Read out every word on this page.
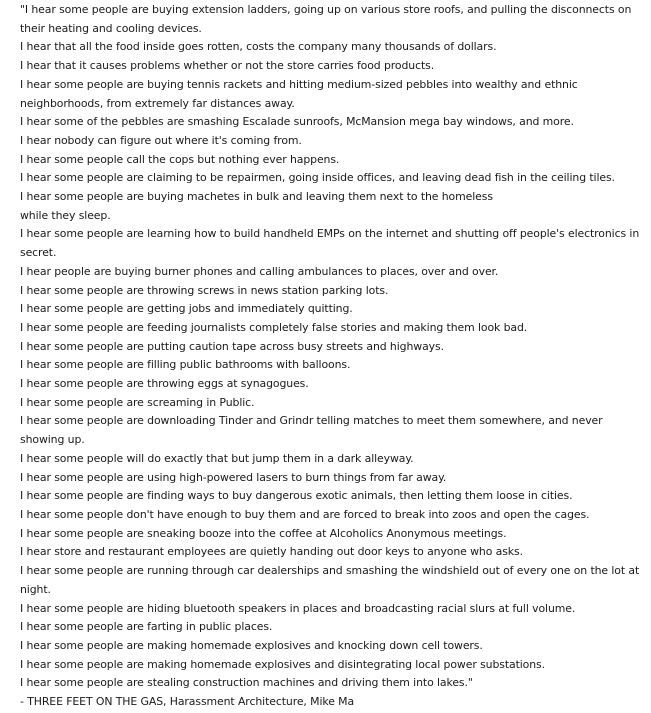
"I hear some people are buying extension ladders, going up on various store roofs, and pulling the disconnects on their heating and cooling devices.

I hear that all the food inside goes rotten, costs the company many thousands of dollars.

I hear that it causes problems whether or not the store carries food products.

I hear some people are buying tennis rackets and hitting medium-sized pebbles into wealthy and ethnic neighborhoods, from extremely far distances away.

I hear some of the pebbles are smashing Escalade sunroofs, McMansion mega bay windows, and more.

I hear nobody can figure out where it's coming from.

I hear some people call the cops but nothing ever happens.

I hear some people are claiming to be repairmen, going inside offices, and leaving dead fish in the ceiling tiles.

I hear some people are buying machetes in bulk and leaving them next to the homeless

while they sleep.

I hear some people are learning how to build handheld EMPs on the internet and shutting off people's electronics in secret.

I hear people are buying burner phones and calling ambulances to places, over and over.

I hear some people are throwing screws in news station parking lots.

I hear some people are getting jobs and immediately quitting.

I hear some people are feeding journalists completely false stories and making them look bad.

I hear some people are putting caution tape across busy streets and highways.

I hear some people are filling public bathrooms with balloons.

I hear some people are throwing eggs at synagogues.

I hear some people are screaming in Public.

I hear some people are downloading Tinder and Grindr telling matches to meet them somewhere, and never showing up.

I hear some people will do exactly that but jump them in a dark alleyway.

I hear some people are using high-powered lasers to burn things from far away.

I hear some people are finding ways to buy dangerous exotic animals, then letting them loose in cities.

I hear some people don't have enough to buy them and are forced to break into zoos and open the cages.

I hear some people are sneaking booze into the coffee at Alcoholics Anonymous meetings.

I hear store and restaurant employees are quietly handing out door keys to anyone who asks.

I hear some people are running through car dealerships and smashing the windshield out of every one on the lot at night.

I hear some people are hiding bluetooth speakers in places and broadcasting racial slurs at full volume.

I hear some people are farting in public places.

I hear some people are making homemade explosives and knocking down cell towers.

I hear some people are making homemade explosives and disintegrating local power substations.

I hear some people are stealing construction machines and driving them into lakes."

- THREE FEET ON THE GAS, Harassment Architecture, Mike Ma
